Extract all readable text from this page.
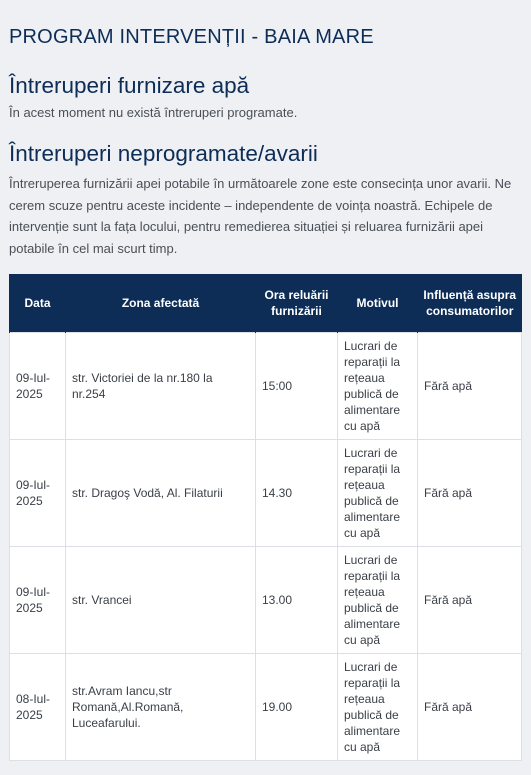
PROGRAM INTERVENȚII - BAIA MARE
Întreruperi furnizare apă

În acest moment nu există întreruperi programate.

Întreruperi neprogramate/avarii

Întreruperea furnizării apei potabile în următoarele zone este consecința unor avarii. Ne cerem scuze pentru aceste incidente – independente de voința noastră. Echipele de intervenție sunt la fața locului, pentru remedierea situației și reluarea furnizării apei potabile în cel mai scurt timp.

Data	Zona afectată	Ora reluării furnizării	Motivul	Influență asupra consumatorilor
09-Iul-2025	str. Victoriei de la nr.180 la nr.254	15:00	Lucrari de reparații la rețeaua publică de alimentare cu apă	Fără apă
09-Iul-2025	str. Dragoş Vodă, Al. Filaturii	14.30	Lucrari de reparații la rețeaua publică de alimentare cu apă	Fără apă
09-Iul-2025	str. Vrancei	13.00	Lucrari de reparații la rețeaua publică de alimentare cu apă	Fără apă
08-Iul-2025	str.Avram Iancu,str Romană,Al.Romană, Luceafarului.	19.00	Lucrari de reparații la rețeaua publică de alimentare cu apă	Fără apă
